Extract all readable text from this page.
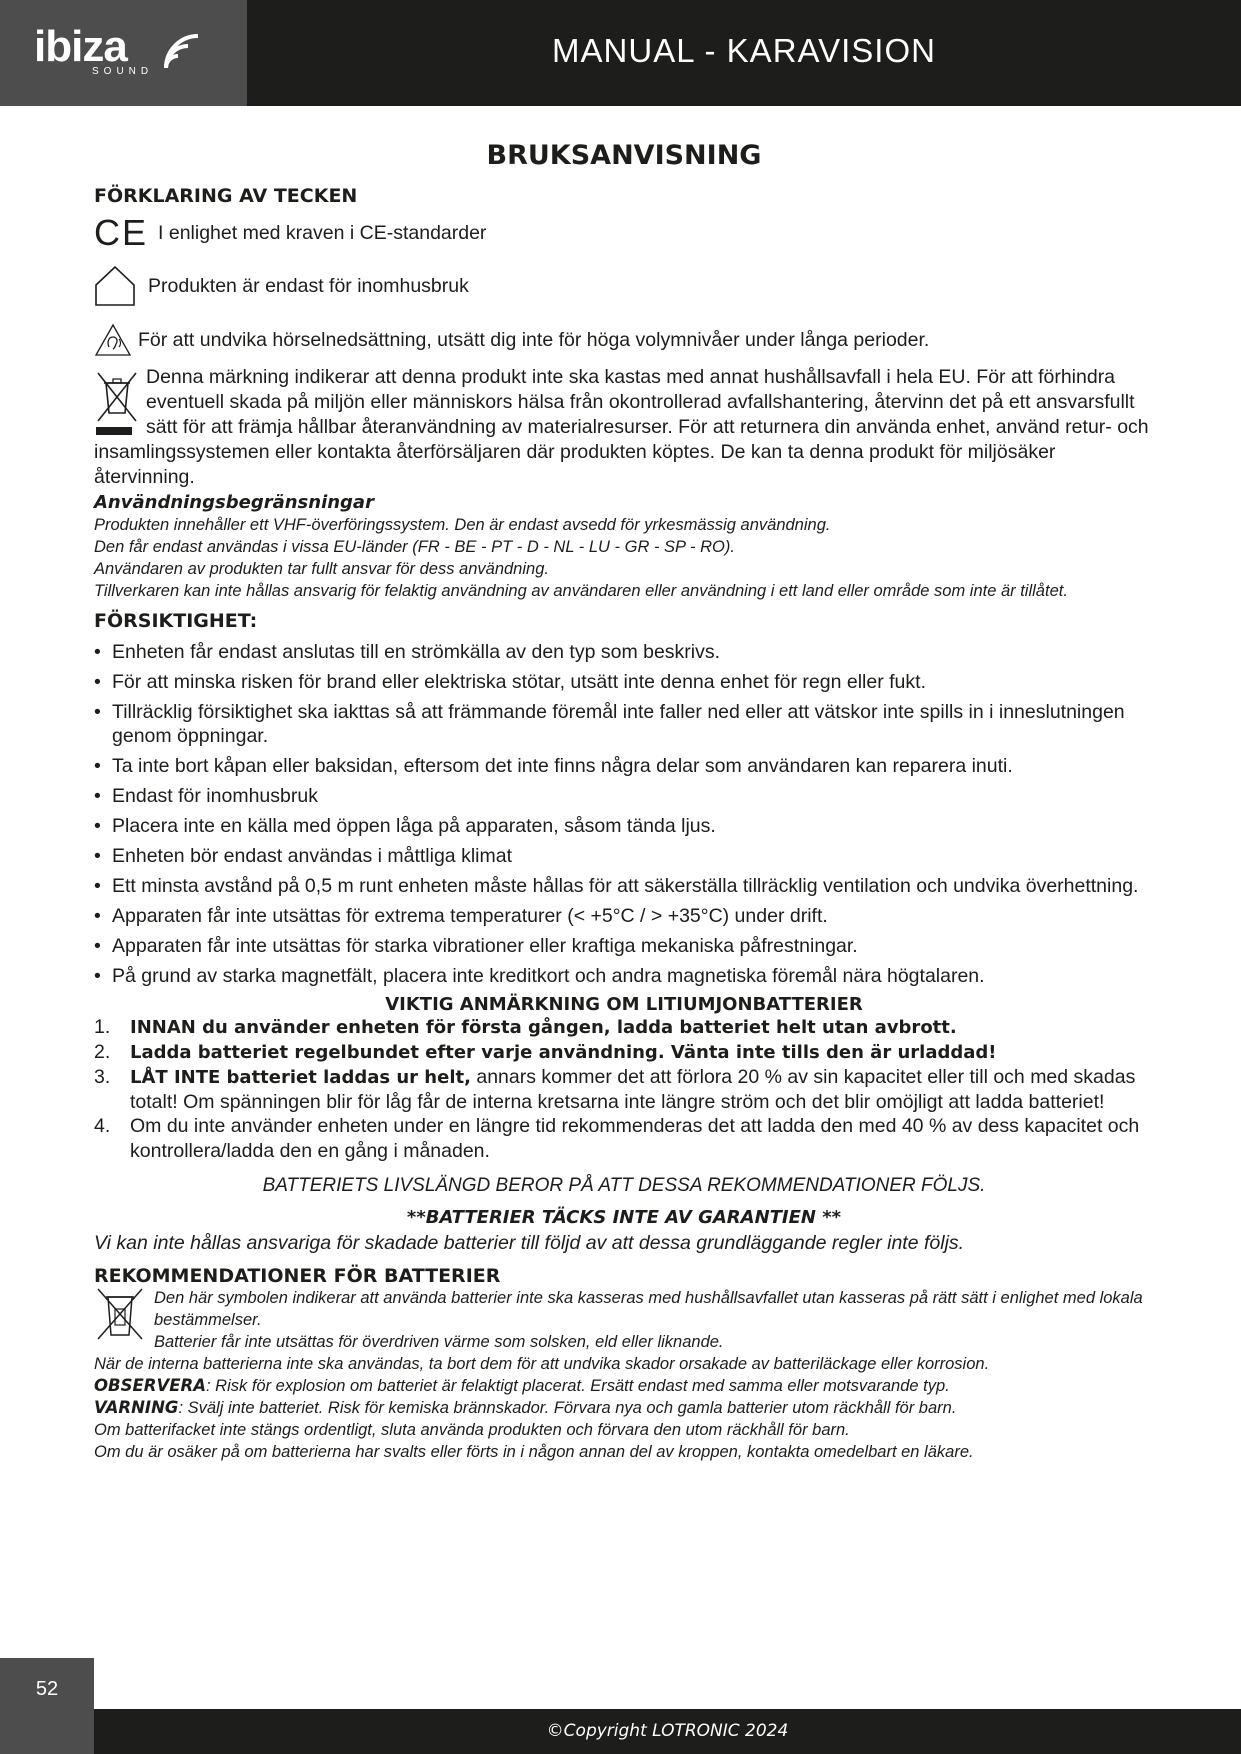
ibiza
SOUND
MANUAL - KARAVISION
BRUKSANVISNING
FÖRKLARING AV TECKEN
CE I enlighet med kraven i CE-standarder
Produkten är endast för inomhusbruk
För att undvika hörselnedsättning, utsätt dig inte för höga volymnivåer under långa perioder.
Denna märkning indikerar att denna produkt inte ska kastas med annat hushållsavfall i hela EU. För att förhindra eventuell skada på miljön eller människors hälsa från okontrollerad avfallshantering, återvinn det på ett ansvarsfullt sätt för att främja hållbar återanvändning av materialresurser. För att returnera din använda enhet, använd retur- och insamlingssystemen eller kontakta återförsäljaren där produkten köptes. De kan ta denna produkt för miljösäker återvinning.
Användningsbegränsningar
Produkten innehåller ett VHF-överföringssystem. Den är endast avsedd för yrkesmässig användning.
Den får endast användas i vissa EU-länder (FR - BE - PT - D - NL - LU - GR - SP - RO).
Användaren av produkten tar fullt ansvar för dess användning.
Tillverkaren kan inte hållas ansvarig för felaktig användning av användaren eller användning i ett land eller område som inte är tillåtet.
FÖRSIKTIGHET:
• Enheten får endast anslutas till en strömkälla av den typ som beskrivs.
• För att minska risken för brand eller elektriska stötar, utsätt inte denna enhet för regn eller fukt.
• Tillräcklig försiktighet ska iakttas så att främmande föremål inte faller ned eller att vätskor inte spills in i inneslutningen genom öppningar.
• Ta inte bort kåpan eller baksidan, eftersom det inte finns några delar som användaren kan reparera inuti.
• Endast för inomhusbruk
• Placera inte en källa med öppen låga på apparaten, såsom tända ljus.
• Enheten bör endast användas i måttliga klimat
• Ett minsta avstånd på 0,5 m runt enheten måste hållas för att säkerställa tillräcklig ventilation och undvika överhettning.
• Apparaten får inte utsättas för extrema temperaturer (< +5°C / > +35°C) under drift.
• Apparaten får inte utsättas för starka vibrationer eller kraftiga mekaniska påfrestningar.
• På grund av starka magnetfält, placera inte kreditkort och andra magnetiska föremål nära högtalaren.
VIKTIG ANMÄRKNING OM LITIUMJONBATTERIER
1. INNAN du använder enheten för första gången, ladda batteriet helt utan avbrott.
2. Ladda batteriet regelbundet efter varje användning. Vänta inte tills den är urladdad!
3. LÅT INTE batteriet laddas ur helt, annars kommer det att förlora 20 % av sin kapacitet eller till och med skadas totalt! Om spänningen blir för låg får de interna kretsarna inte längre ström och det blir omöjligt att ladda batteriet!
4. Om du inte använder enheten under en längre tid rekommenderas det att ladda den med 40 % av dess kapacitet och kontrollera/ladda den en gång i månaden.
BATTERIETS LIVSLÄNGD BEROR PÅ ATT DESSA REKOMMENDATIONER FÖLJS.
**BATTERIER TÄCKS INTE AV GARANTIEN **
Vi kan inte hållas ansvariga för skadade batterier till följd av att dessa grundläggande regler inte följs.
REKOMMENDATIONER FÖR BATTERIER
Den här symbolen indikerar att använda batterier inte ska kasseras med hushållsavfallet utan kasseras på rätt sätt i enlighet med lokala bestämmelser.
Batterier får inte utsättas för överdriven värme som solsken, eld eller liknande.
När de interna batterierna inte ska användas, ta bort dem för att undvika skador orsakade av batteriläckage eller korrosion.
OBSERVERA: Risk för explosion om batteriet är felaktigt placerat. Ersätt endast med samma eller motsvarande typ.
VARNING: Svälj inte batteriet. Risk för kemiska brännskador. Förvara nya och gamla batterier utom räckhåll för barn.
Om batterifacket inte stängs ordentligt, sluta använda produkten och förvara den utom räckhåll för barn.
Om du är osäker på om batterierna har svalts eller förts in i någon annan del av kroppen, kontakta omedelbart en läkare.
52
©Copyright LOTRONIC 2024
